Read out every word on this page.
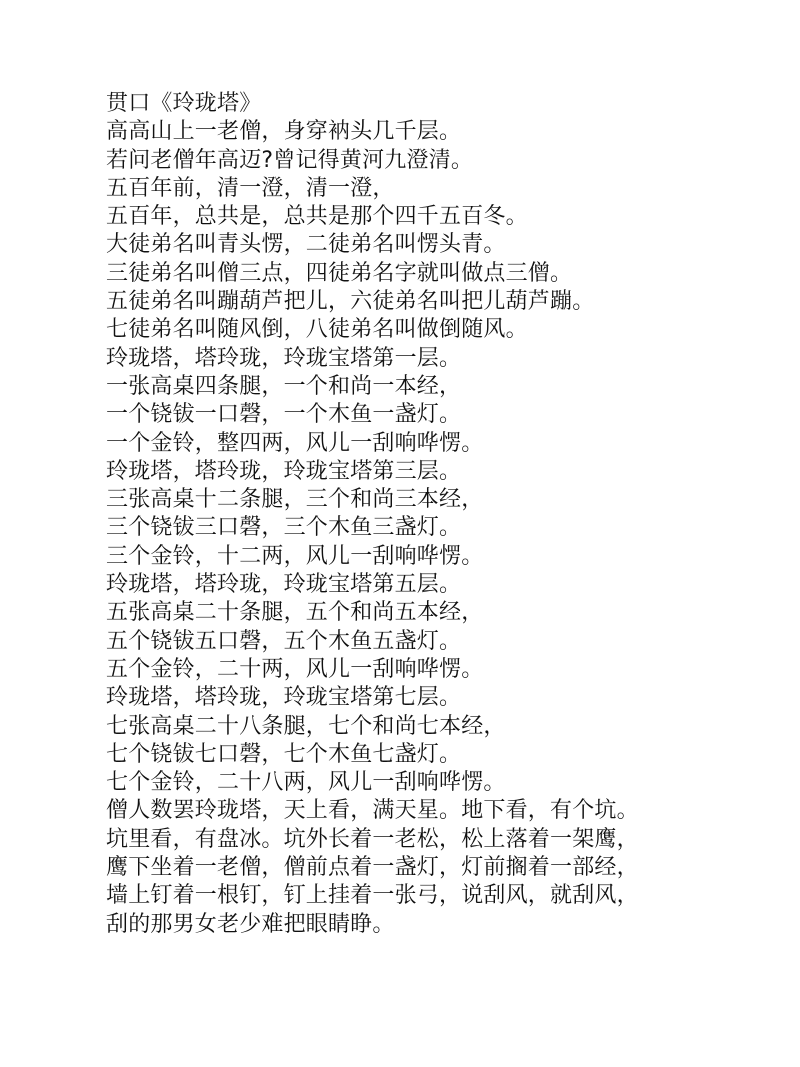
贯口《玲珑塔》

高高山上一老僧，身穿衲头几千层。

若问老僧年高迈?曾记得黄河九澄清。

五百年前，清一澄，清一澄，

五百年，总共是，总共是那个四千五百冬。

大徒弟名叫青头愣，二徒弟名叫愣头青。

三徒弟名叫僧三点，四徒弟名字就叫做点三僧。

五徒弟名叫蹦葫芦把儿，六徒弟名叫把儿葫芦蹦。

七徒弟名叫随风倒，八徒弟名叫做倒随风。

玲珑塔，塔玲珑，玲珑宝塔第一层。

一张高桌四条腿，一个和尚一本经，

一个铙钹一口磬，一个木鱼一盏灯。

一个金铃，整四两，风儿一刮响哗愣。

玲珑塔，塔玲珑，玲珑宝塔第三层。

三张高桌十二条腿，三个和尚三本经，

三个铙钹三口磬，三个木鱼三盏灯。

三个金铃，十二两，风儿一刮响哗愣。

玲珑塔，塔玲珑，玲珑宝塔第五层。

五张高桌二十条腿，五个和尚五本经，

五个铙钹五口磬，五个木鱼五盏灯。

五个金铃，二十两，风儿一刮响哗愣。

玲珑塔，塔玲珑，玲珑宝塔第七层。

七张高桌二十八条腿，七个和尚七本经，

七个铙钹七口磬，七个木鱼七盏灯。

七个金铃，二十八两，风儿一刮响哗愣。

僧人数罢玲珑塔，天上看，满天星。地下看，有个坑。

坑里看，有盘冰。坑外长着一老松，松上落着一架鹰，

鹰下坐着一老僧，僧前点着一盏灯，灯前搁着一部经，

墙上钉着一根钉，钉上挂着一张弓，说刮风，就刮风，

刮的那男女老少难把眼睛睁。
